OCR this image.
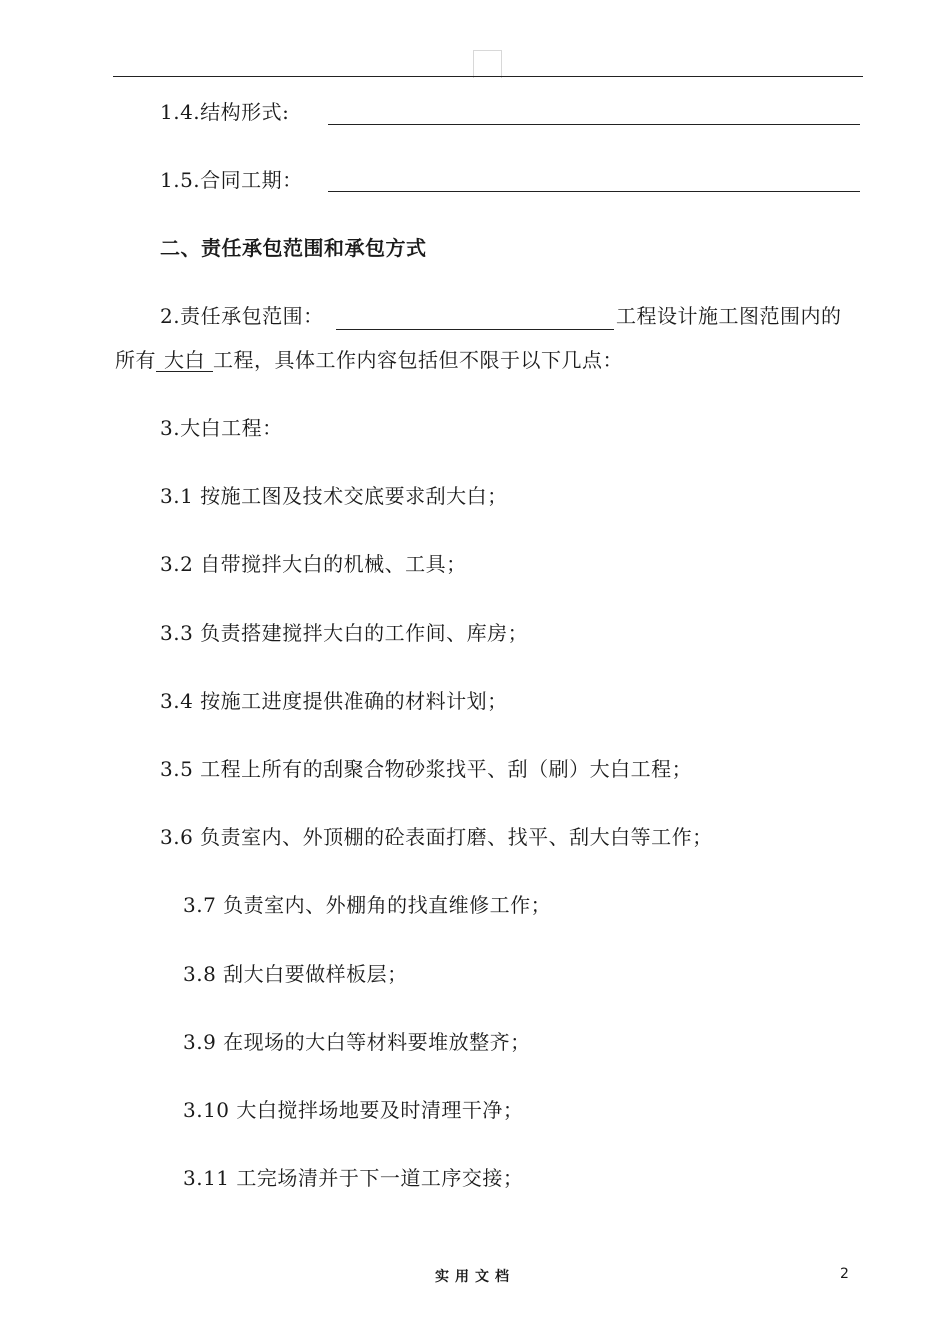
1.4.结构形式:
1.5.合同工期：
二、责任承包范围和承包方式
2.责任承包范围：	工程设计施工图范围内的
所有 大白 工程，具体工作内容包括但不限于以下几点：
3.大白工程：
3.1 按施工图及技术交底要求刮大白；
3.2 自带搅拌大白的机械、工具；
3.3 负责搭建搅拌大白的工作间、库房；
3.4 按施工进度提供准确的材料计划；
3.5 工程上所有的刮聚合物砂浆找平、刮（刷）大白工程；
3.6 负责室内、外顶棚的砼表面打磨、找平、刮大白等工作；
3.7 负责室内、外棚角的找直维修工作；
3.8 刮大白要做样板层；
3.9 在现场的大白等材料要堆放整齐；
3.10 大白搅拌场地要及时清理干净；
3.11 工完场清并于下一道工序交接；
实用文档	2
